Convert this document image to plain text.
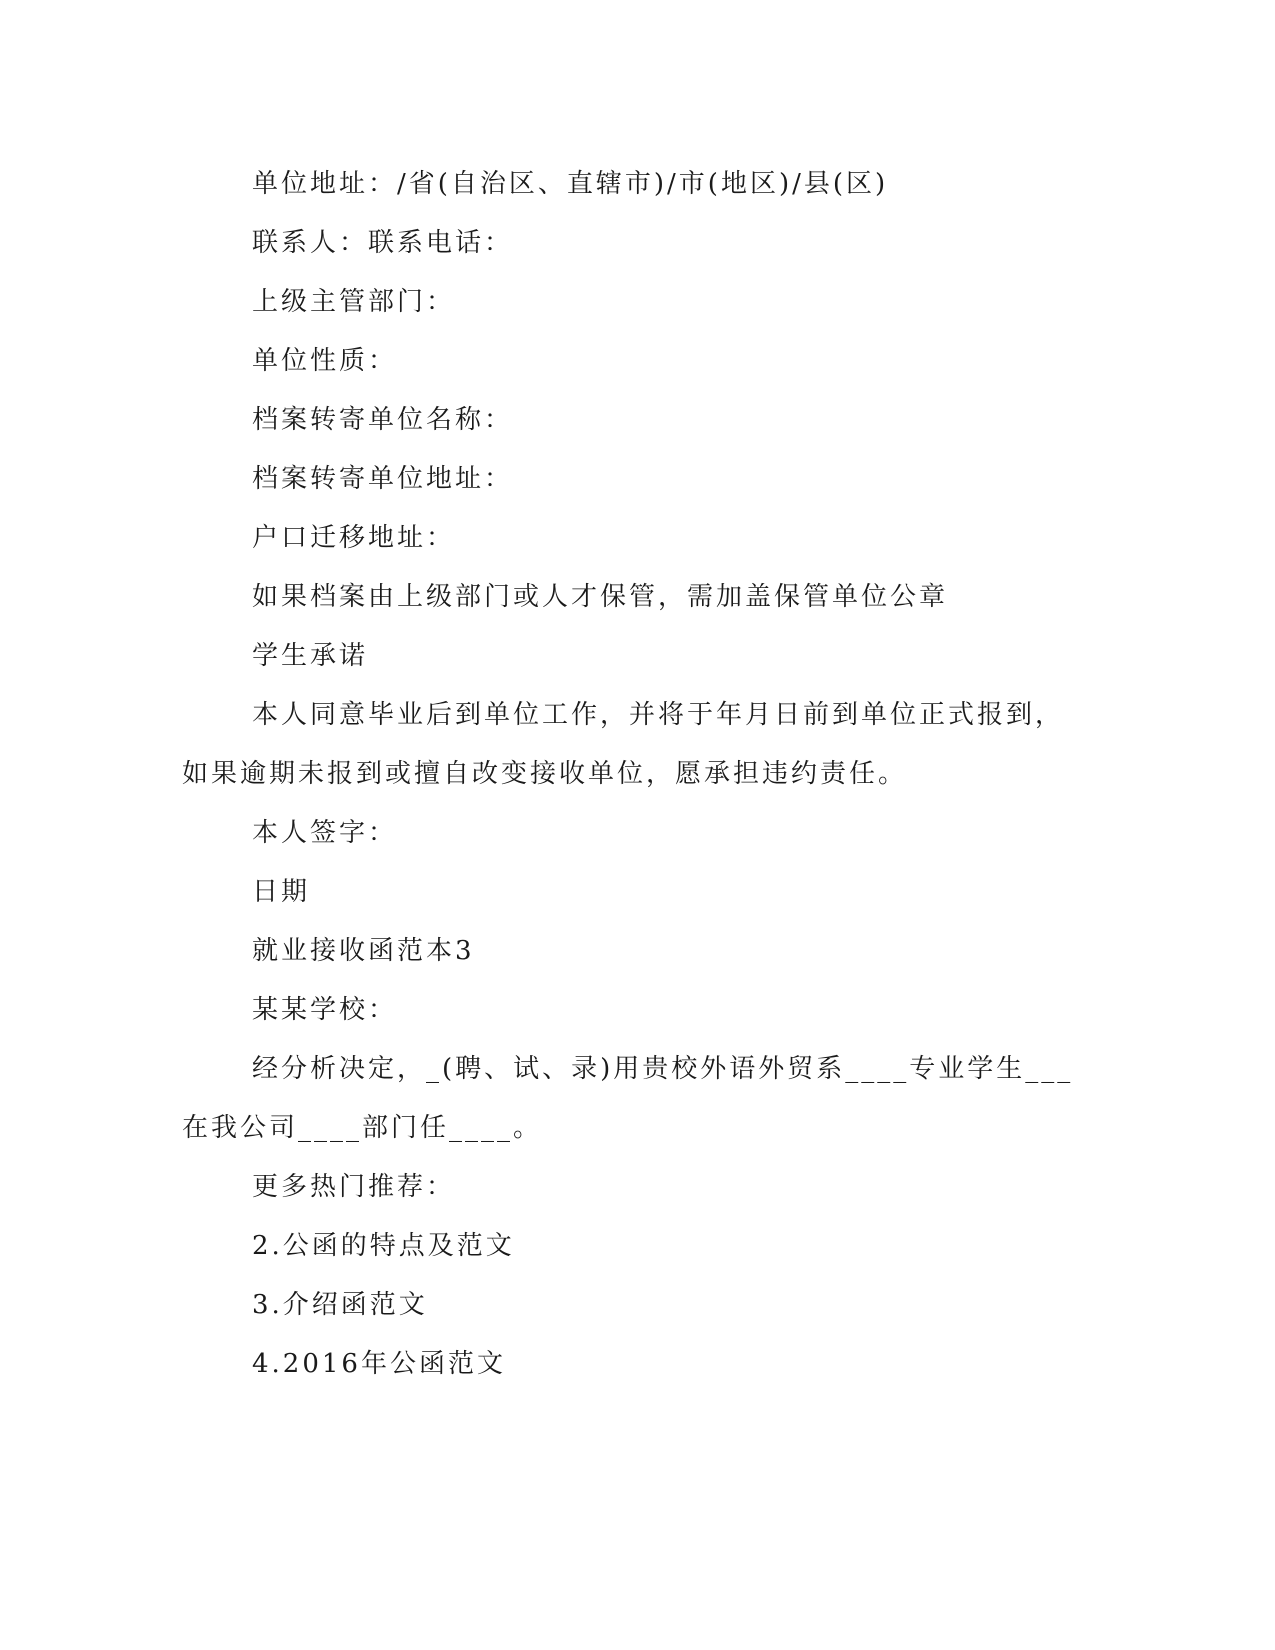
单位地址：/省(自治区、直辖市)/市(地区)/县(区)

联系人：联系电话：

上级主管部门：

单位性质：

档案转寄单位名称：

档案转寄单位地址：

户口迁移地址：

如果档案由上级部门或人才保管，需加盖保管单位公章

学生承诺

本人同意毕业后到单位工作，并将于年月日前到单位正式报到，
如果逾期未报到或擅自改变接收单位，愿承担违约责任。

本人签字：

日期

就业接收函范本3

某某学校：

经分析决定，_(聘、试、录)用贵校外语外贸系____专业学生___
在我公司____部门任____。

更多热门推荐：

2.公函的特点及范文

3.介绍函范文

4.2016年公函范文
